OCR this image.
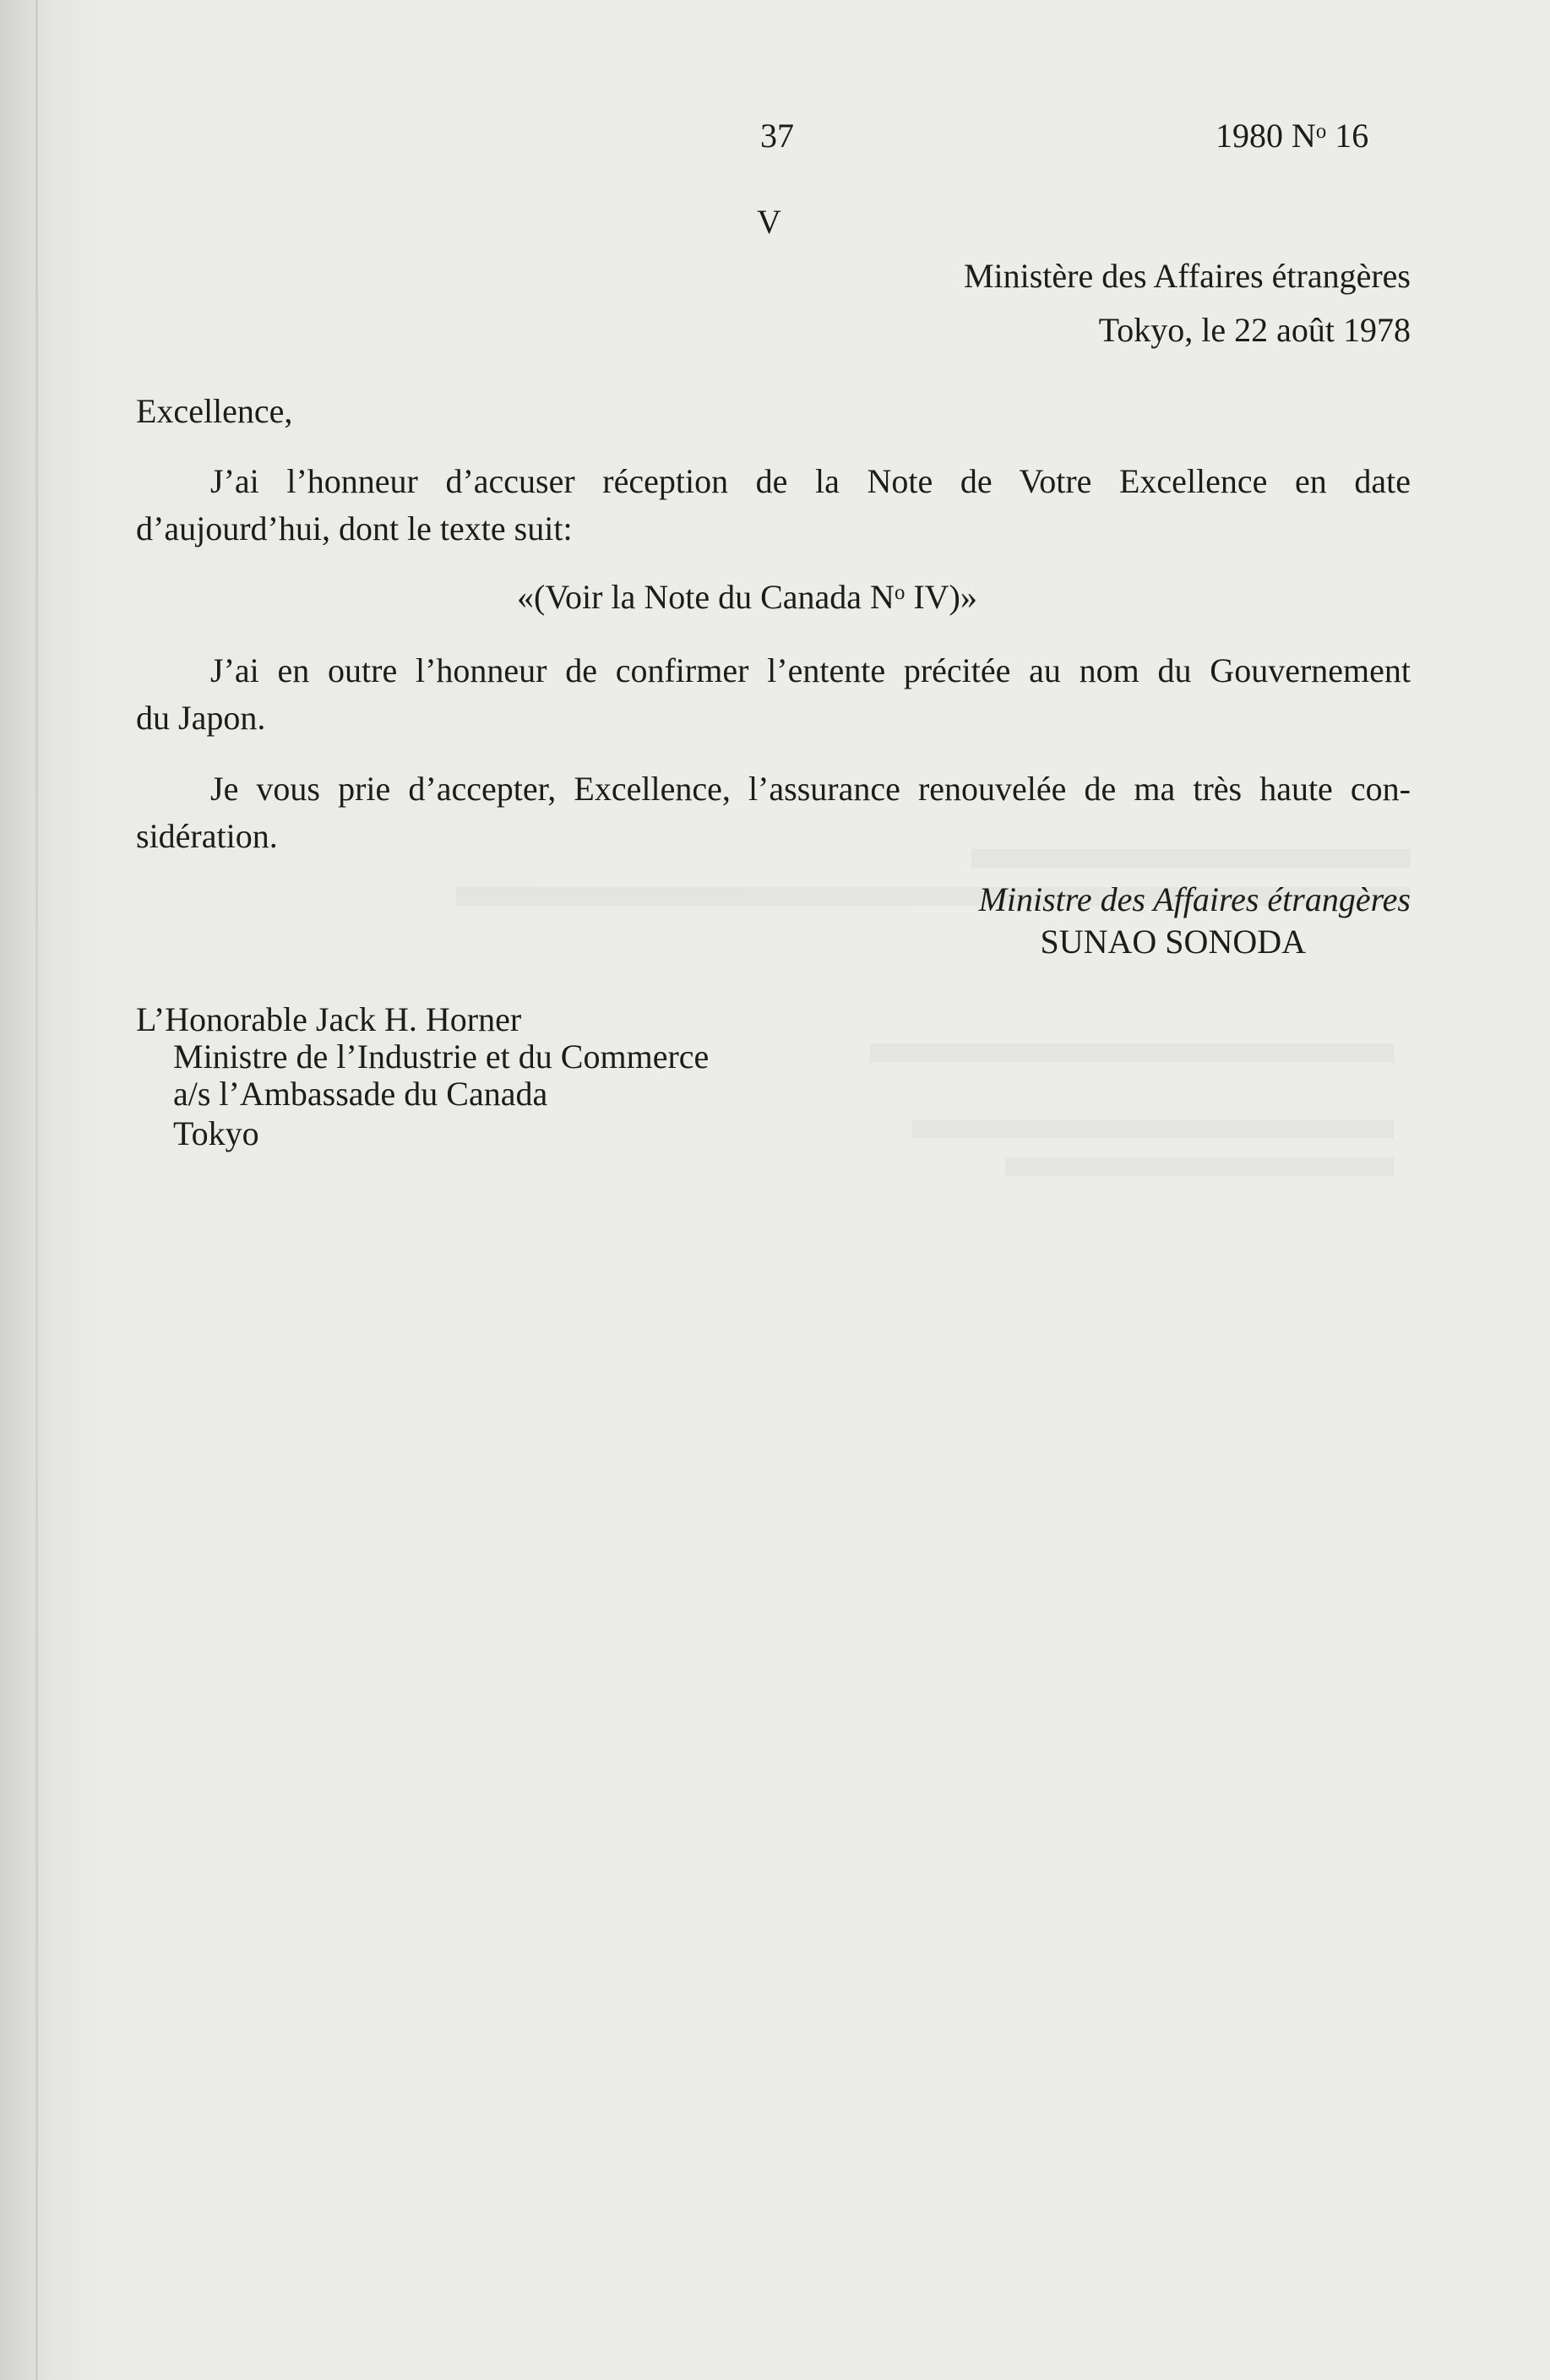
37	1980 $N^o$ 16
V
Ministère des Affaires étrangères
Tokyo, le 22 août 1978
Excellence,
J’ai l’honneur d’accuser réception de la Note de Votre Excellence en date
d’aujourd’hui, dont le texte suit:
«(Voir la Note du Canada $N^o$ IV)»
J’ai en outre l’honneur de confirmer l’entente précitée au nom du Gouvernement
du Japon.
Je vous prie d’accepter, Excellence, l’assurance renouvelée de ma très haute con-
sidération.
Ministre des Affaires étrangères
SUNAO SONODA
L’Honorable Jack H. Horner
Ministre de l’Industrie et du Commerce
a/s l’Ambassade du Canada
Tokyo
